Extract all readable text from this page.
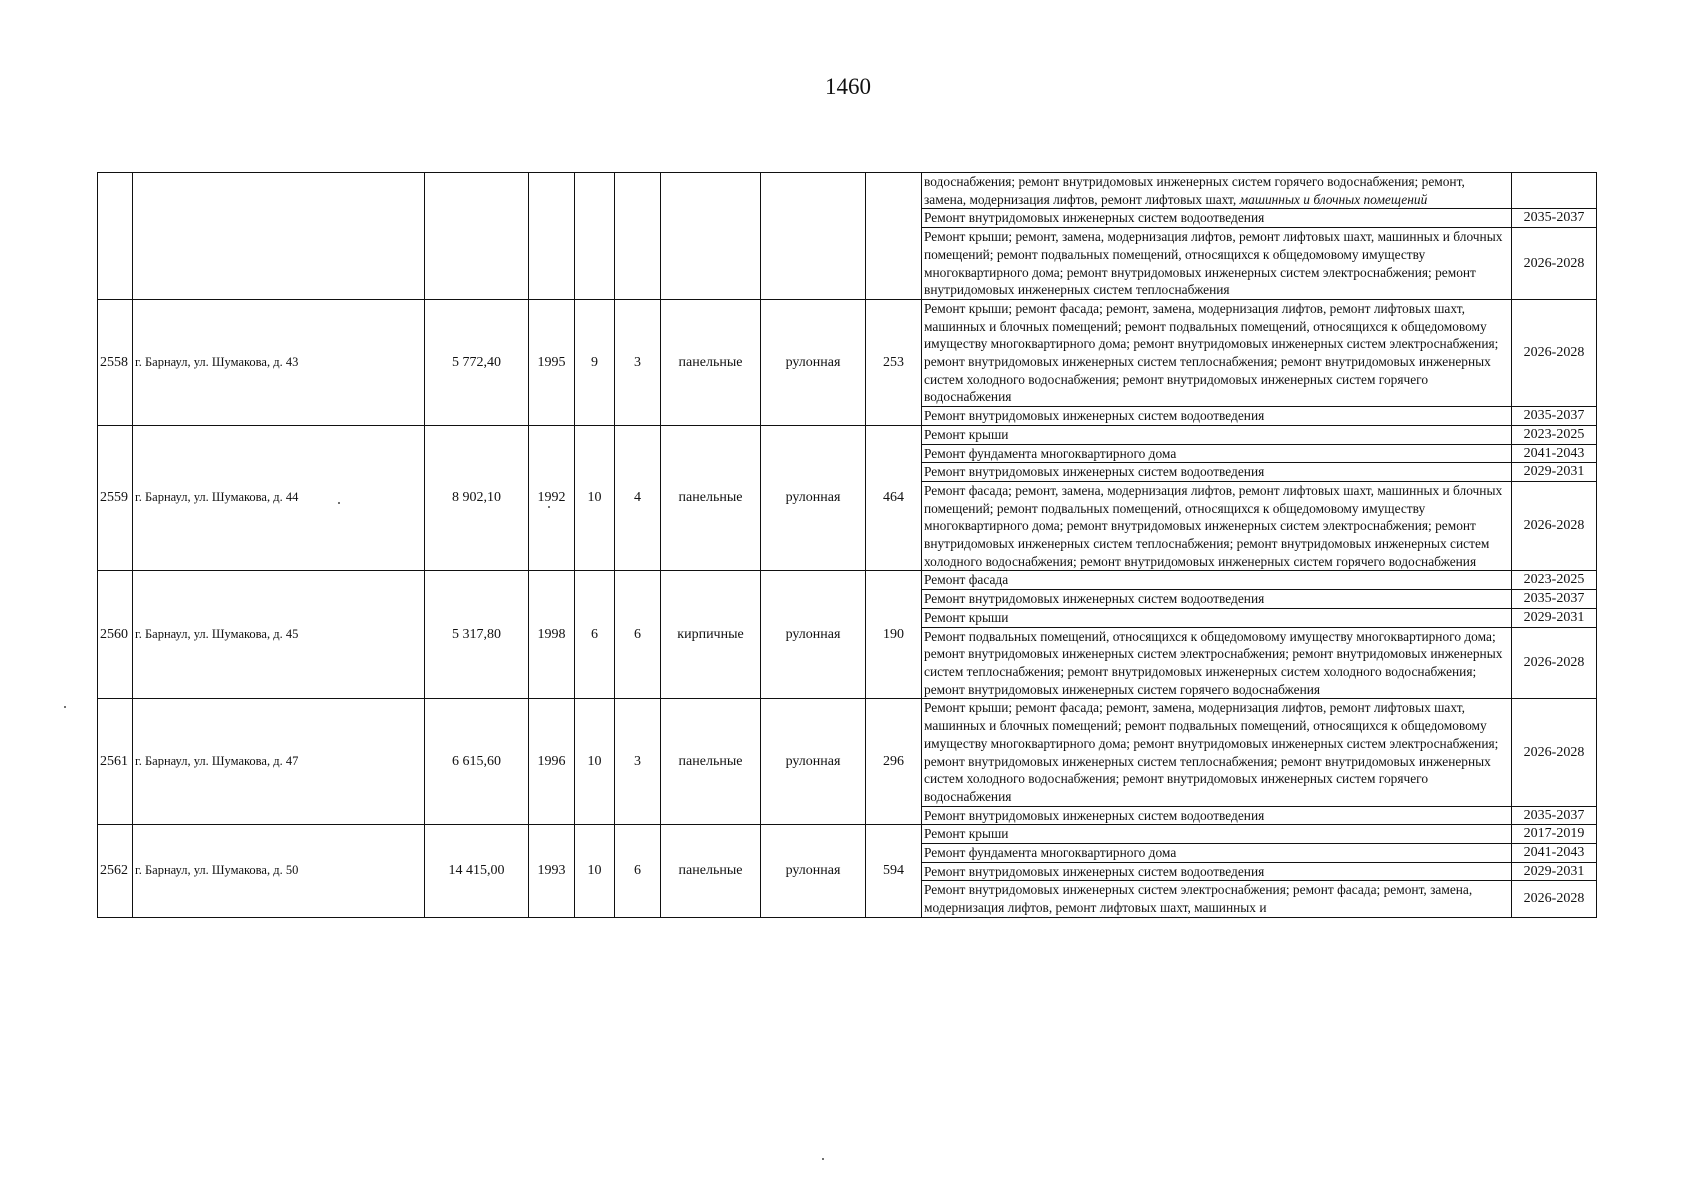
1460
									водоснабжения; ремонт внутридомовых инженерных систем горячего водоснабжения; ремонт, замена, модернизация лифтов, ремонт лифтовых шахт, машинных и блочных помещений	
									Ремонт внутридомовых инженерных систем водоотведения	2035-2037
									Ремонт крыши; ремонт, замена, модернизация лифтов, ремонт лифтовых шахт, машинных и блочных помещений; ремонт подвальных помещений, относящихся к общедомовому имуществу многоквартирного дома; ремонт внутридомовых инженерных систем электроснабжения; ремонт внутридомовых инженерных систем теплоснабжения	2026-2028
2558	г. Барнаул, ул. Шумакова, д. 43	5 772,40	1995	9	3	панельные	рулонная	253	Ремонт крыши; ремонт фасада; ремонт, замена, модернизация лифтов, ремонт лифтовых шахт, машинных и блочных помещений; ремонт подвальных помещений, относящихся к общедомовому имуществу многоквартирного дома; ремонт внутридомовых инженерных систем электроснабжения; ремонт внутридомовых инженерных систем теплоснабжения; ремонт внутридомовых инженерных систем холодного водоснабжения; ремонт внутридомовых инженерных систем горячего водоснабжения	2026-2028
									Ремонт внутридомовых инженерных систем водоотведения	2035-2037
2559	г. Барнаул, ул. Шумакова, д. 44	8 902,10	1992	10	4	панельные	рулонная	464	Ремонт крыши	2023-2025
									Ремонт фундамента многоквартирного дома	2041-2043
									Ремонт внутридомовых инженерных систем водоотведения	2029-2031
									Ремонт фасада; ремонт, замена, модернизация лифтов, ремонт лифтовых шахт, машинных и блочных помещений; ремонт подвальных помещений, относящихся к общедомовому имуществу многоквартирного дома; ремонт внутридомовых инженерных систем электроснабжения; ремонт внутридомовых инженерных систем теплоснабжения; ремонт внутридомовых инженерных систем холодного водоснабжения; ремонт внутридомовых инженерных систем горячего водоснабжения	2026-2028
2560	г. Барнаул, ул. Шумакова, д. 45	5 317,80	1998	6	6	кирпичные	рулонная	190	Ремонт фасада	2023-2025
									Ремонт внутридомовых инженерных систем водоотведения	2035-2037
									Ремонт крыши	2029-2031
									Ремонт подвальных помещений, относящихся к общедомовому имуществу многоквартирного дома; ремонт внутридомовых инженерных систем электроснабжения; ремонт внутридомовых инженерных систем теплоснабжения; ремонт внутридомовых инженерных систем холодного водоснабжения; ремонт внутридомовых инженерных систем горячего водоснабжения	2026-2028
2561	г. Барнаул, ул. Шумакова, д. 47	6 615,60	1996	10	3	панельные	рулонная	296	Ремонт крыши; ремонт фасада; ремонт, замена, модернизация лифтов, ремонт лифтовых шахт, машинных и блочных помещений; ремонт подвальных помещений, относящихся к общедомовому имуществу многоквартирного дома; ремонт внутридомовых инженерных систем электроснабжения; ремонт внутридомовых инженерных систем теплоснабжения; ремонт внутридомовых инженерных систем холодного водоснабжения; ремонт внутридомовых инженерных систем горячего водоснабжения	2026-2028
									Ремонт внутридомовых инженерных систем водоотведения	2035-2037
2562	г. Барнаул, ул. Шумакова, д. 50	14 415,00	1993	10	6	панельные	рулонная	594	Ремонт крыши	2017-2019
									Ремонт фундамента многоквартирного дома	2041-2043
									Ремонт внутридомовых инженерных систем водоотведения	2029-2031
									Ремонт внутридомовых инженерных систем электроснабжения; ремонт фасада; ремонт, замена, модернизация лифтов, ремонт лифтовых шахт, машинных и	2026-2028
